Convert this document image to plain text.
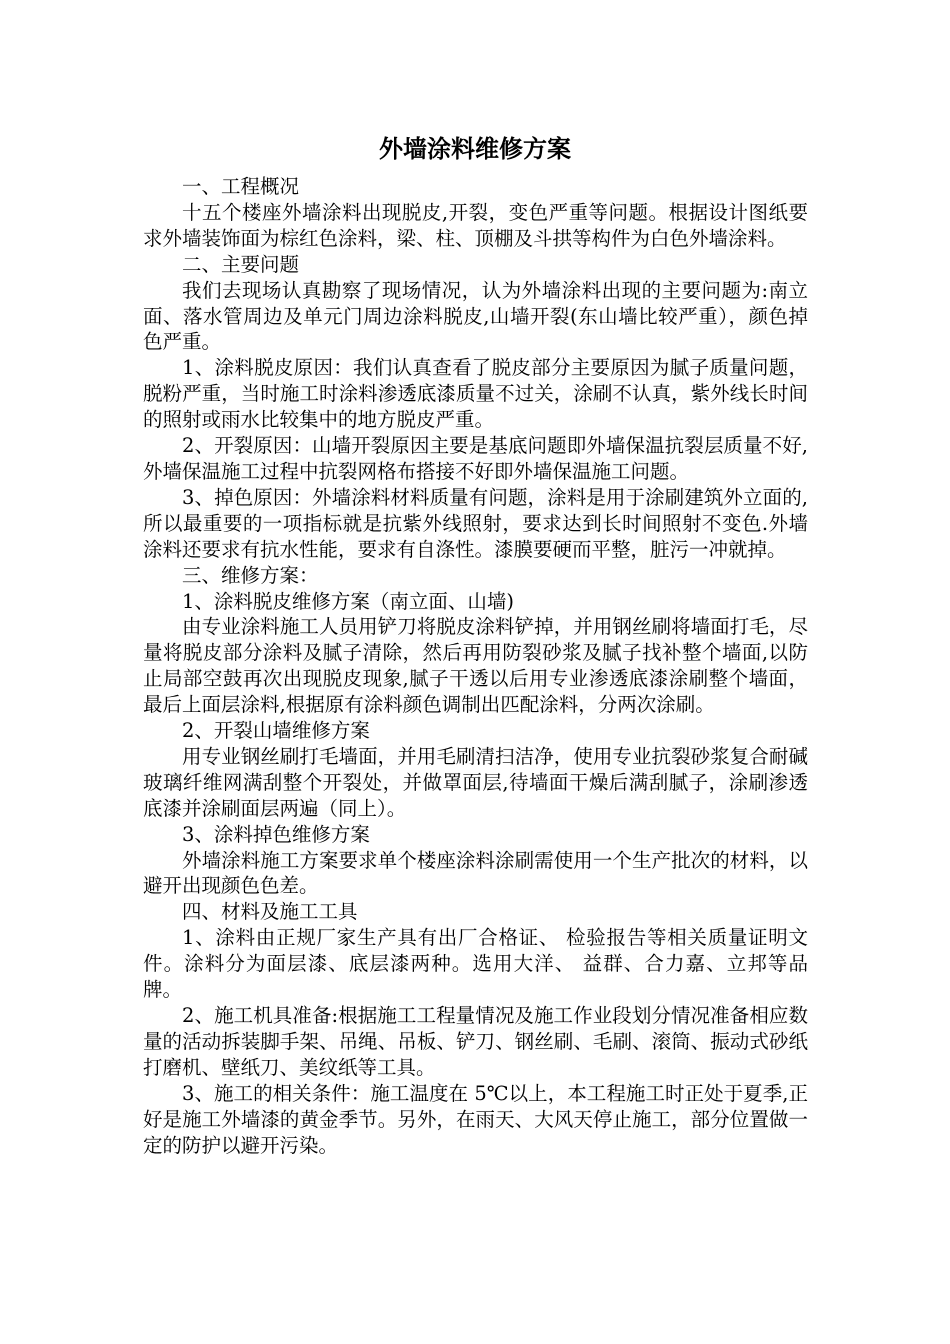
外墙涂料维修方案

一、工程概况

十五个楼座外墙涂料出现脱皮,开裂，变色严重等问题。根据设计图纸要求外墙装饰面为棕红色涂料，梁、柱、顶棚及斗拱等构件为白色外墙涂料。

二、主要问题

我们去现场认真勘察了现场情况，认为外墙涂料出现的主要问题为:南立面、落水管周边及单元门周边涂料脱皮,山墙开裂(东山墙比较严重），颜色掉色严重。

1、涂料脱皮原因：我们认真查看了脱皮部分主要原因为腻子质量问题，脱粉严重，当时施工时涂料渗透底漆质量不过关，涂刷不认真，紫外线长时间的照射或雨水比较集中的地方脱皮严重。

2、开裂原因：山墙开裂原因主要是基底问题即外墙保温抗裂层质量不好,外墙保温施工过程中抗裂网格布搭接不好即外墙保温施工问题。

3、掉色原因：外墙涂料材料质量有问题，涂料是用于涂刷建筑外立面的,所以最重要的一项指标就是抗紫外线照射，要求达到长时间照射不变色.外墙涂料还要求有抗水性能，要求有自涤性。漆膜要硬而平整，脏污一冲就掉。

三、维修方案：

1、涂料脱皮维修方案（南立面、山墙)

由专业涂料施工人员用铲刀将脱皮涂料铲掉，并用钢丝刷将墙面打毛，尽量将脱皮部分涂料及腻子清除，然后再用防裂砂浆及腻子找补整个墙面,以防止局部空鼓再次出现脱皮现象,腻子干透以后用专业渗透底漆涂刷整个墙面，最后上面层涂料,根据原有涂料颜色调制出匹配涂料，分两次涂刷。

2、开裂山墙维修方案

用专业钢丝刷打毛墙面，并用毛刷清扫洁净，使用专业抗裂砂浆复合耐碱玻璃纤维网满刮整个开裂处，并做罩面层,待墙面干燥后满刮腻子，涂刷渗透底漆并涂刷面层两遍（同上）。

3、涂料掉色维修方案

外墙涂料施工方案要求单个楼座涂料涂刷需使用一个生产批次的材料，以避开出现颜色色差。

四、材料及施工工具

1、涂料由正规厂家生产具有出厂合格证、 检验报告等相关质量证明文件。涂料分为面层漆、底层漆两种。选用大洋、 益群、合力嘉、立邦等品牌。

2、施工机具准备:根据施工工程量情况及施工作业段划分情况准备相应数量的活动拆装脚手架、吊绳、吊板、铲刀、钢丝刷、毛刷、滚筒、振动式砂纸打磨机、壁纸刀、美纹纸等工具。

3、施工的相关条件：施工温度在 5℃以上，本工程施工时正处于夏季,正好是施工外墙漆的黄金季节。另外，在雨天、大风天停止施工，部分位置做一定的防护以避开污染。
